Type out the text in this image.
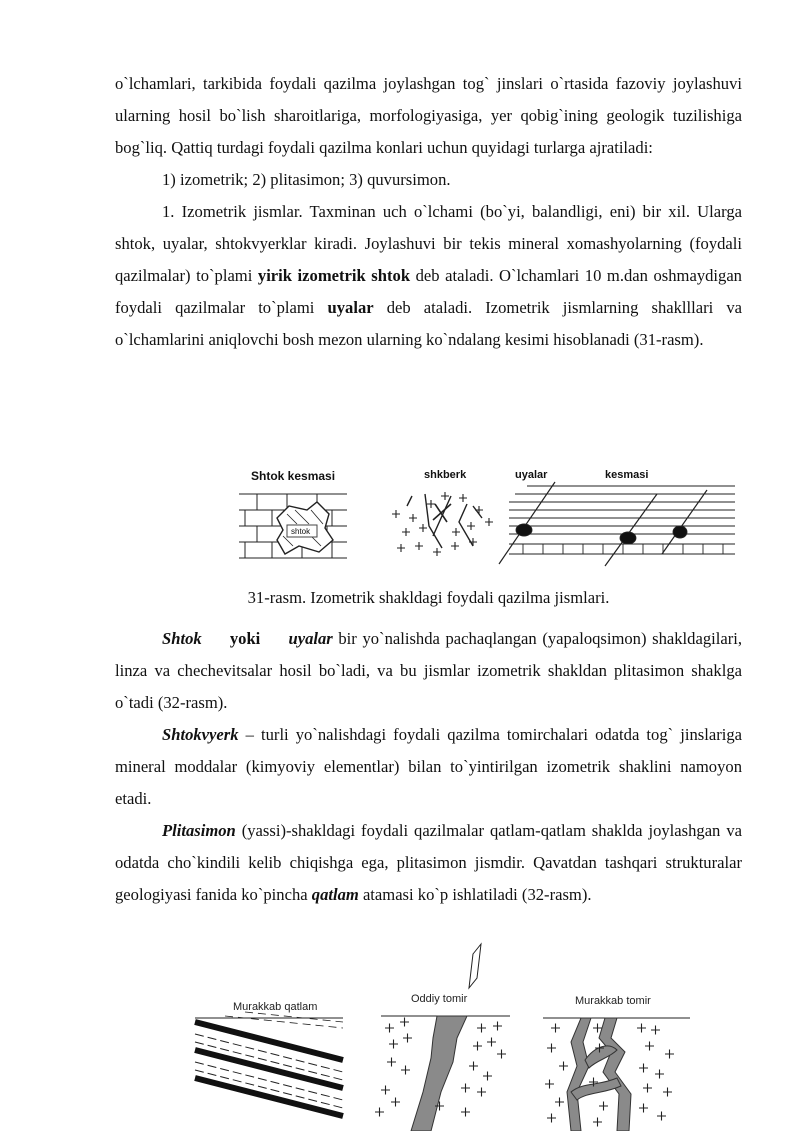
o`lchamlari, tarkibida foydali qazilma joylashgan tog` jinslari o`rtasida fazoviy joylashuvi ularning hosil bo`lish sharoitlariga, morfologiyasiga, yer qobig`ining geologik tuzilishiga bog`liq. Qattiq turdagi foydali qazilma konlari uchun quyidagi turlarga ajratiladi:

1) izometrik; 2) plitasimon; 3) quvursimon.

1. Izometrik jismlar. Taxminan uch o`lchami (bo`yi, balandligi, eni) bir xil. Ularga shtok, uyalar, shtokvyerklar kiradi. Joylashuvi bir tekis mineral xomashyolarning (foydali qazilmalar) to`plami yirik izometrik shtok deb ataladi. O`lchamlari 10 m.dan oshmaydigan foydali qazilmalar to`plami uyalar deb ataladi. Izometrik jismlarning shaklllari va o`lchamlarini aniqlovchi bosh mezon ularning ko`ndalang kesimi hisoblanadi (31-rasm).

Shtok kesmasi	shkberk	uyalar	kesmasi
shtok

31-rasm. Izometrik shakldagi foydali qazilma jismlari.

Shtok yoki uyalar bir yo`nalishda pachaqlangan (yapaloqsimon) shakldagilari, linza va chechevitsalar hosil bo`ladi, va bu jismlar izometrik shakldan plitasimon shaklga o`tadi (32-rasm).

Shtokvyerk – turli yo`nalishdagi foydali qazilma tomirchalari odatda tog` jinslariga mineral moddalar (kimyoviy elementlar) bilan to`yintirilgan izometrik shaklini namoyon etadi.

Plitasimon (yassi)-shakldagi foydali qazilmalar qatlam-qatlam shaklda joylashgan va odatda cho`kindili kelib chiqishga ega, plitasimon jismdir. Qavatdan tashqari strukturalar geologiyasi fanida ko`pincha qatlam atamasi ko`p ishlatiladi (32-rasm).

Murakkab qatlam
Oddiy tomir	Murakkab tomir
